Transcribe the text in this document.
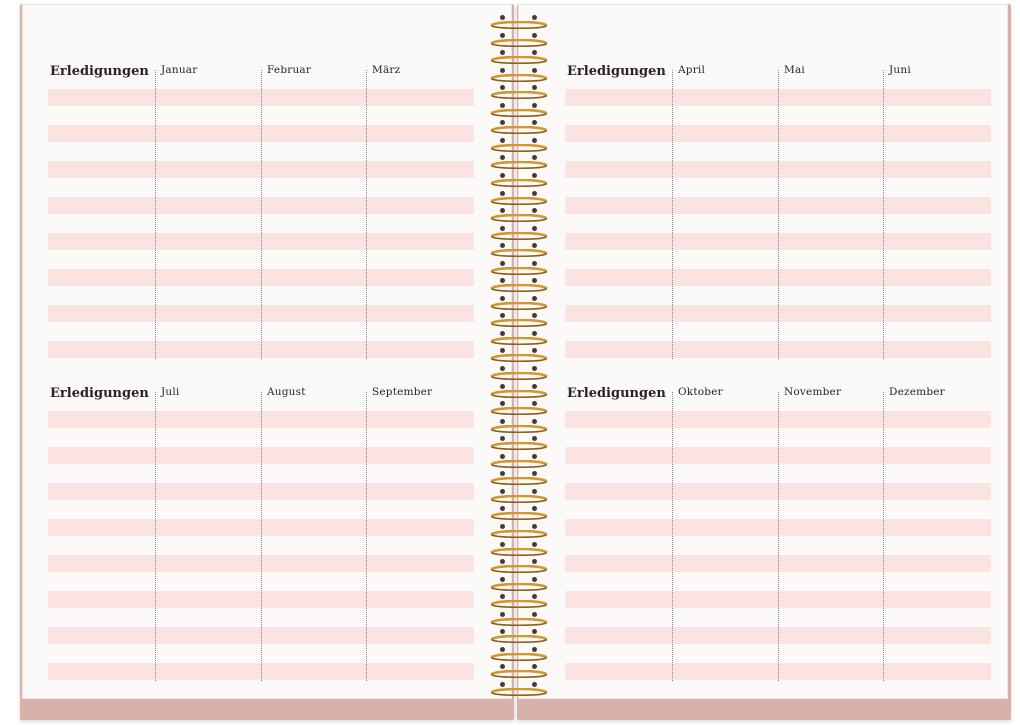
Erledigungen Januar	Februar	März
Erledigungen Juli	August	September
Erledigungen April	Mai	Juni
Erledigungen Oktober	November	Dezember
